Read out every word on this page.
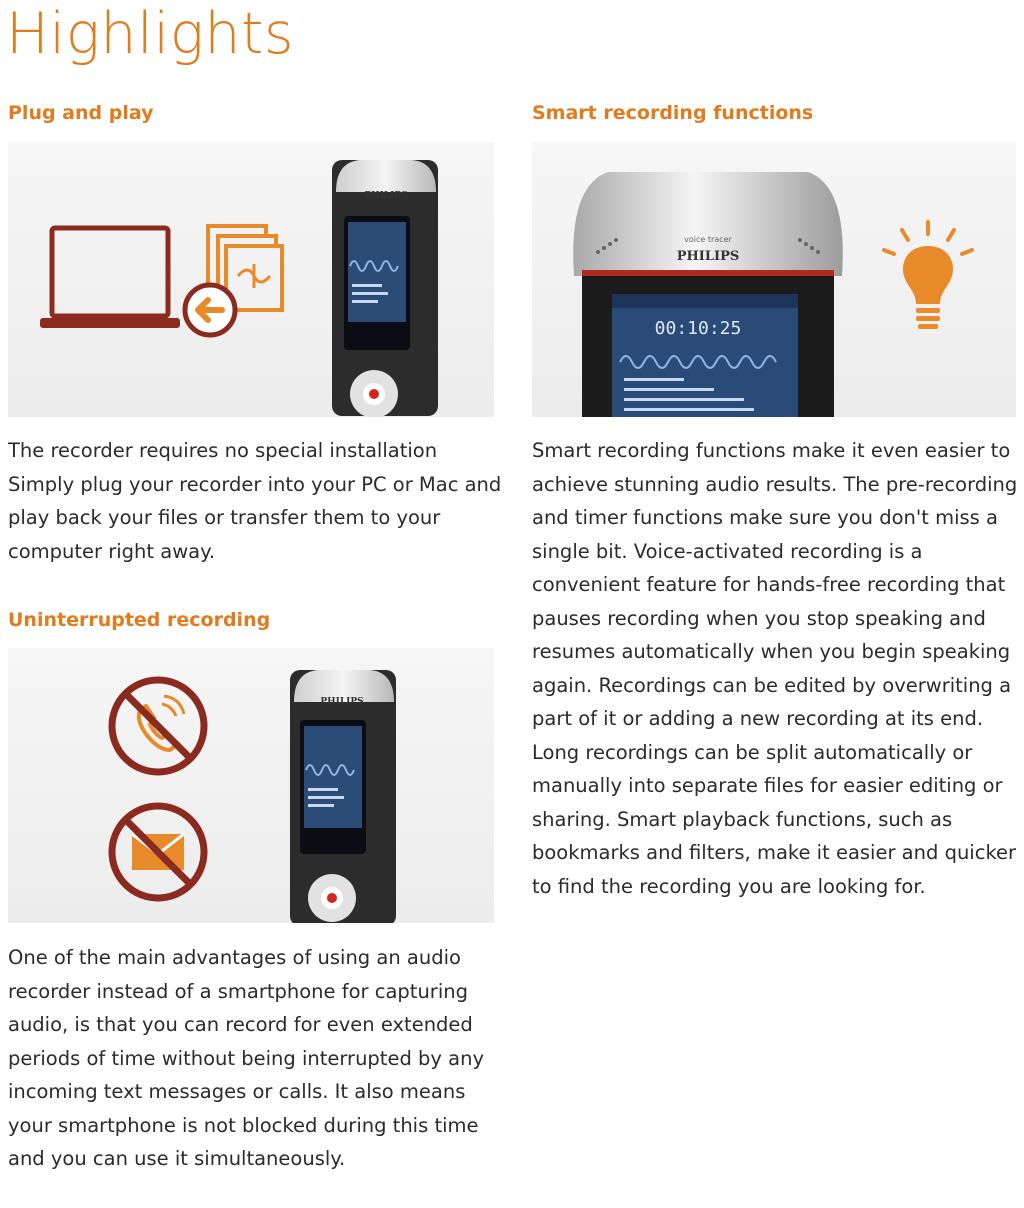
Highlights
Plug and play
PHILIPS

The recorder requires no special installation Simply plug your recorder into your PC or Mac and play back your files or transfer them to your computer right away.

Uninterrupted recording
PHILIPS

One of the main advantages of using an audio recorder instead of a smartphone for capturing audio, is that you can record for even extended periods of time without being interrupted by any incoming text messages or calls. It also means your smartphone is not blocked during this time and you can use it simultaneously.

Smart recording functions
voice tracer
PHILIPS
00:10:25

Smart recording functions make it even easier to achieve stunning audio results. The pre-recording and timer functions make sure you don't miss a single bit. Voice-activated recording is a convenient feature for hands-free recording that pauses recording when you stop speaking and resumes automatically when you begin speaking again. Recordings can be edited by overwriting a part of it or adding a new recording at its end. Long recordings can be split automatically or manually into separate files for easier editing or sharing. Smart playback functions, such as bookmarks and filters, make it easier and quicker to find the recording you are looking for.
